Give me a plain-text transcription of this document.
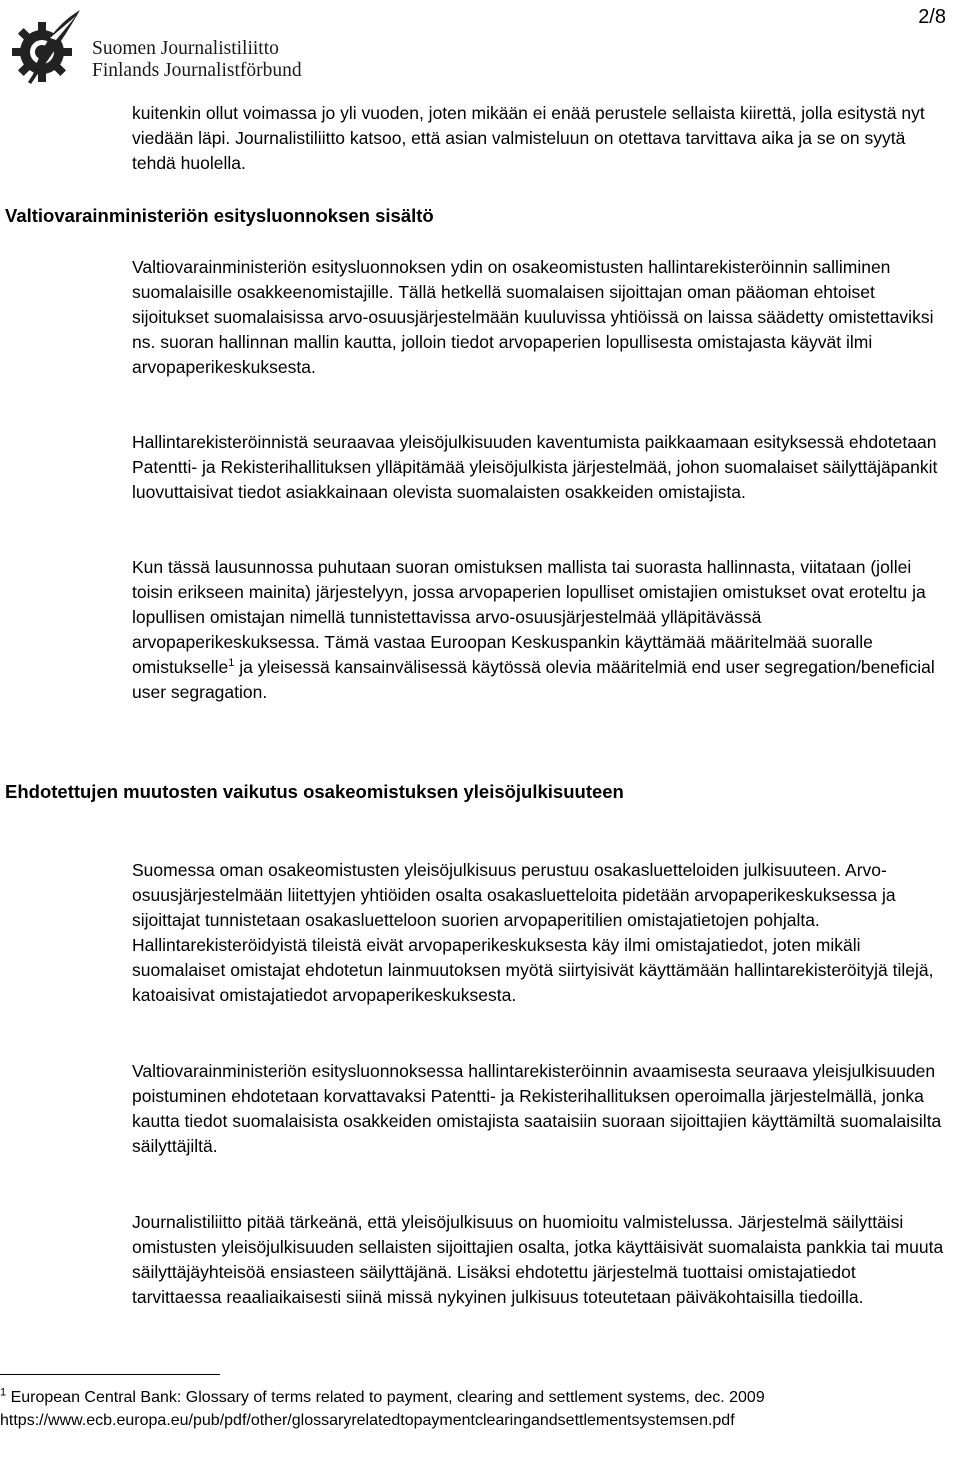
2/8
Suomen Journalistiliitto
Finlands Journalistförbund

kuitenkin ollut voimassa jo yli vuoden, joten mikään ei enää perustele sellaista kiirettä, jolla esitystä nyt viedään läpi. Journalistiliitto katsoo, että asian valmisteluun on otettava tarvittava aika ja se on syytä tehdä huolella.

Valtiovarainministeriön esitysluonnoksen sisältö

Valtiovarainministeriön esitysluonnoksen ydin on osakeomistusten hallintarekisteröinnin salliminen suomalaisille osakkeenomistajille. Tällä hetkellä suomalaisen sijoittajan oman pääoman ehtoiset sijoitukset suomalaisissa arvo-osuusjärjestelmään kuuluvissa yhtiöissä on laissa säädetty omistettaviksi ns. suoran hallinnan mallin kautta, jolloin tiedot arvopaperien lopullisesta omistajasta käyvät ilmi arvopaperikeskuksesta.

Hallintarekisteröinnistä seuraavaa yleisöjulkisuuden kaventumista paikkaamaan esityksessä ehdotetaan Patentti- ja Rekisterihallituksen ylläpitämää yleisöjulkista järjestelmää, johon suomalaiset säilyttäjäpankit luovuttaisivat tiedot asiakkainaan olevista suomalaisten osakkeiden omistajista.

Kun tässä lausunnossa puhutaan suoran omistuksen mallista tai suorasta hallinnasta, viitataan (jollei toisin erikseen mainita) järjestelyyn, jossa arvopaperien lopulliset omistajien omistukset ovat eroteltu ja lopullisen omistajan nimellä tunnistettavissa arvo-osuusjärjestelmää ylläpitävässä arvopaperikeskuksessa. Tämä vastaa Euroopan Keskuspankin käyttämää määritelmää suoralle omistukselle$^1$ ja yleisessä kansainvälisessä käytössä olevia määritelmiä end user segregation/beneficial user segragation.

Ehdotettujen muutosten vaikutus osakeomistuksen yleisöjulkisuuteen

Suomessa oman osakeomistusten yleisöjulkisuus perustuu osakasluetteloiden julkisuuteen. Arvo-osuusjärjestelmään liitettyjen yhtiöiden osalta osakasluetteloita pidetään arvopaperikeskuksessa ja sijoittajat tunnistetaan osakasluetteloon suorien arvopaperitilien omistajatietojen pohjalta. Hallintarekisteröidyistä tileistä eivät arvopaperikeskuksesta käy ilmi omistajatiedot, joten mikäli suomalaiset omistajat ehdotetun lainmuutoksen myötä siirtyisivät käyttämään hallintarekisteröityjä tilejä, katoaisivat omistajatiedot arvopaperikeskuksesta.

Valtiovarainministeriön esitysluonnoksessa hallintarekisteröinnin avaamisesta seuraava yleisjulkisuuden poistuminen ehdotetaan korvattavaksi Patentti- ja Rekisterihallituksen operoimalla järjestelmällä, jonka kautta tiedot suomalaisista osakkeiden omistajista saataisiin suoraan sijoittajien käyttämiltä suomalaisilta säilyttäjiltä.

Journalistiliitto pitää tärkeänä, että yleisöjulkisuus on huomioitu valmistelussa. Järjestelmä säilyttäisi omistusten yleisöjulkisuuden sellaisten sijoittajien osalta, jotka käyttäisivät suomalaista pankkia tai muuta säilyttäjäyhteisöä ensiasteen säilyttäjänä. Lisäksi ehdotettu järjestelmä tuottaisi omistajatiedot tarvittaessa reaaliaikaisesti siinä missä nykyinen julkisuus toteutetaan päiväkohtaisilla tiedoilla.

$^1$ European Central Bank: Glossary of terms related to payment, clearing and settlement systems, dec. 2009
https://www.ecb.europa.eu/pub/pdf/other/glossaryrelatedtopaymentclearingandsettlementsystemsen.pdf
